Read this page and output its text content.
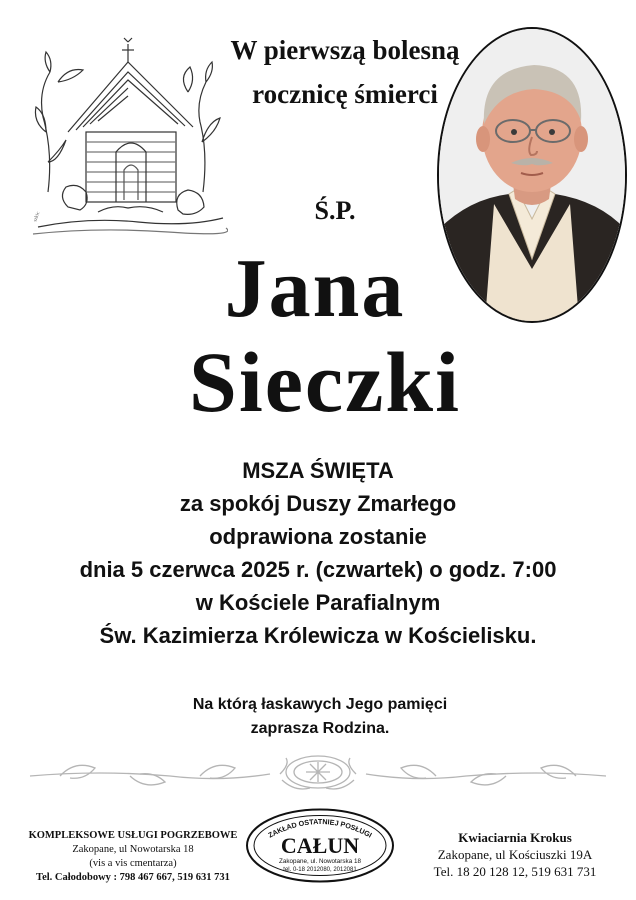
szkic
W pierwszą bolesną
rocznicę śmierci
Ś.P.
Jana
Sieczki
MSZA ŚWIĘTA
za spokój Duszy Zmarłego
odprawiona zostanie
dnia 5 czerwca 2025 r. (czwartek) o godz. 7:00
w Kościele Parafialnym
Św. Kazimierza Królewicza w Kościelisku.
Na którą łaskawych Jego pamięci
zaprasza Rodzina.
KOMPLEKSOWE USŁUGI POGRZEBOWE
Zakopane, ul Nowotarska 18
(vis a vis cmentarza)
Tel. Całodobowy : 798 467 667, 519 631 731
ZAKŁAD OSTATNIEJ POSŁUGI
CAŁUN
Zakopane, ul. Nowotarska 18
tel. 0-18 2012080, 2012081
Kwiaciarnia Krokus
Zakopane, ul Kościuszki 19A
Tel. 18 20 128 12, 519 631 731
